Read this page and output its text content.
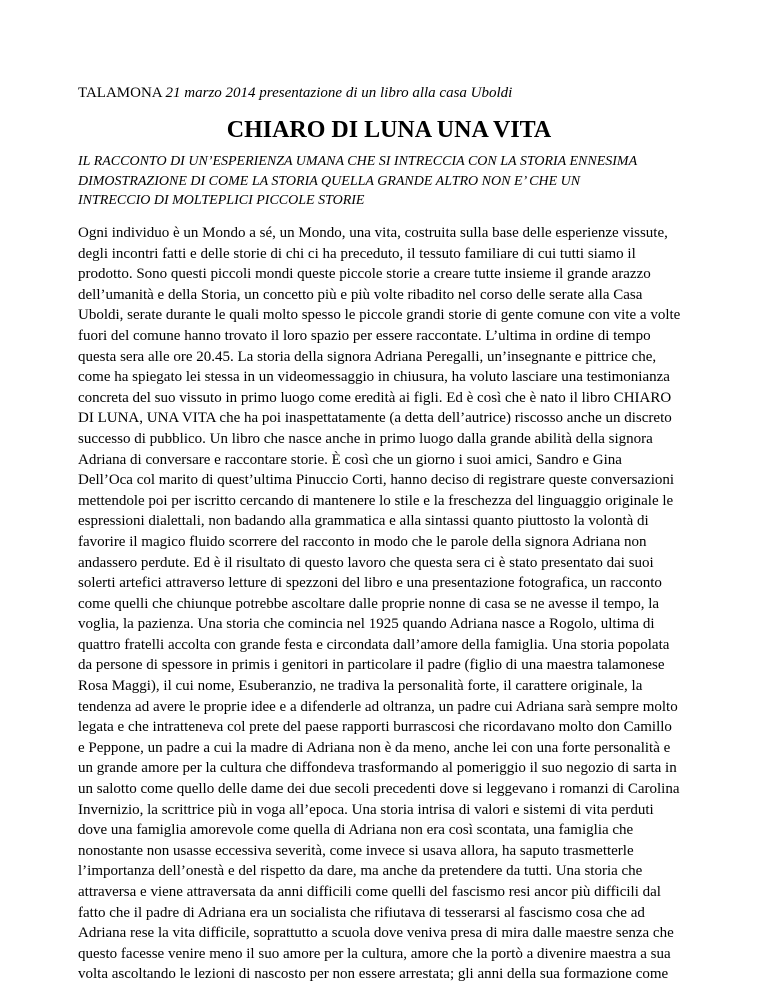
TALAMONA 21 marzo 2014 presentazione di un libro alla casa Uboldi
CHIARO DI LUNA UNA VITA
IL RACCONTO DI UN’ESPERIENZA UMANA CHE SI INTRECCIA CON LA STORIA ENNESIMA
DIMOSTRAZIONE DI COME LA STORIA QUELLA GRANDE ALTRO NON E’ CHE UN
INTRECCIO DI MOLTEPLICI PICCOLE STORIE
Ogni individuo è un Mondo a sé, un Mondo, una vita, costruita sulla base delle esperienze vissute,
degli incontri fatti e delle storie di chi ci ha preceduto, il tessuto familiare di cui tutti siamo il
prodotto. Sono questi piccoli mondi queste piccole storie a creare tutte insieme il grande arazzo
dell’umanità e della Storia, un concetto più e più volte ribadito nel corso delle serate alla Casa
Uboldi, serate durante le quali molto spesso le piccole grandi storie di gente comune con vite a volte
fuori del comune hanno trovato il loro spazio per essere raccontate. L’ultima in ordine di tempo
questa sera alle ore 20.45. La storia della signora Adriana Peregalli, un’insegnante e pittrice che,
come ha spiegato lei stessa in un videomessaggio in chiusura, ha voluto lasciare una testimonianza
concreta del suo vissuto in primo luogo come eredità ai figli. Ed è così che è nato il libro CHIARO
DI LUNA, UNA VITA che ha poi inaspettatamente (a detta dell’autrice) riscosso anche un discreto
successo di pubblico. Un libro che nasce anche in primo luogo dalla grande abilità della signora
Adriana di conversare e raccontare storie. È così che un giorno i suoi amici, Sandro e Gina
Dell’Oca col marito di quest’ultima Pinuccio Corti, hanno deciso di registrare queste conversazioni
mettendole poi per iscritto cercando di mantenere lo stile e la freschezza del linguaggio originale le
espressioni dialettali, non badando alla grammatica e alla sintassi quanto piuttosto la volontà di
favorire il magico fluido scorrere del racconto in modo che le parole della signora Adriana non
andassero perdute. Ed è il risultato di questo lavoro che questa sera ci è stato presentato dai suoi
solerti artefici attraverso letture di spezzoni del libro e una presentazione fotografica, un racconto
come quelli che chiunque potrebbe ascoltare dalle proprie nonne di casa se ne avesse il tempo, la
voglia, la pazienza. Una storia che comincia nel 1925 quando Adriana nasce a Rogolo, ultima di
quattro fratelli accolta con grande festa e circondata dall’amore della famiglia. Una storia popolata
da persone di spessore in primis i genitori in particolare il padre (figlio di una maestra talamonese
Rosa Maggi), il cui nome, Esuberanzio, ne tradiva la personalità forte, il carattere originale, la
tendenza ad avere le proprie idee e a difenderle ad oltranza, un padre cui Adriana sarà sempre molto
legata e che intratteneva col prete del paese rapporti burrascosi che ricordavano molto don Camillo
e Peppone, un padre a cui la madre di Adriana non è da meno, anche lei con una forte personalità e
un grande amore per la cultura che diffondeva trasformando al pomeriggio il suo negozio di sarta in
un salotto come quello delle dame dei due secoli precedenti dove si leggevano i romanzi di Carolina
Invernizio, la scrittrice più in voga all’epoca. Una storia intrisa di valori e sistemi di vita perduti
dove una famiglia amorevole come quella di Adriana non era così scontata, una famiglia che
nonostante non usasse eccessiva severità, come invece si usava allora, ha saputo trasmetterle
l’importanza dell’onestà e del rispetto da dare, ma anche da pretendere da tutti. Una storia che
attraversa e viene attraversata da anni difficili come quelli del fascismo resi ancor più difficili dal
fatto che il padre di Adriana era un socialista che rifiutava di tesserarsi al fascismo cosa che ad
Adriana rese la vita difficile, soprattutto a scuola dove veniva presa di mira dalle maestre senza che
questo facesse venire meno il suo amore per la cultura, amore che la portò a divenire maestra a sua
volta ascoltando le lezioni di nascosto per non essere arrestata; gli anni della sua formazione come
